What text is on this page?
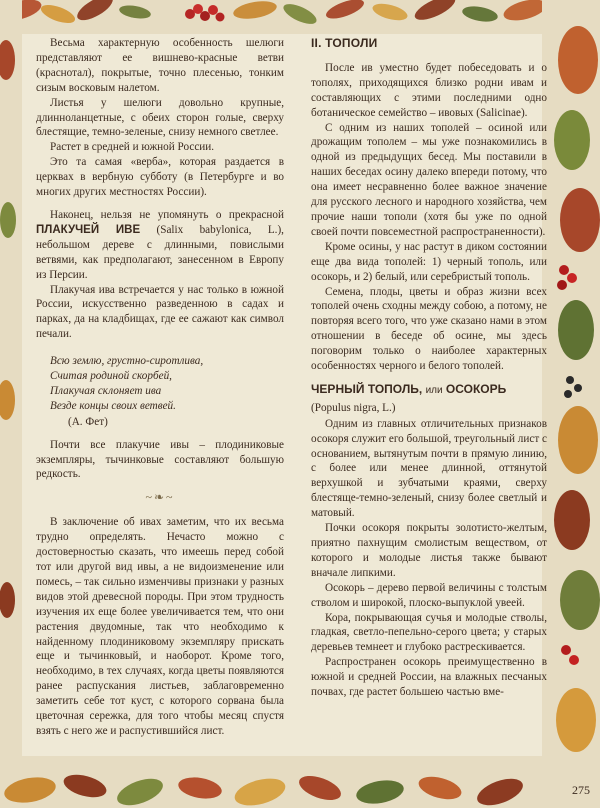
Весьма характерную особенность шелюги представляют ее вишнево-красные ветви (краснотал), покрытые, точно плесенью, тонким сизым восковым налетом.

Листья у шелюги довольно крупные, длинноланцетные, с обеих сторон голые, сверху блестящие, темно-зеленые, снизу немного светлее.

Растет в средней и южной России.

Это та самая «верба», которая раздается в церквах в вербную субботу (в Петербурге и во многих других местностях России).

Наконец, нельзя не упомянуть о прекрасной ПЛАКУЧЕЙ ИВЕ (Salix babylonica, L.), небольшом дереве с длинными, повислыми ветвями, как предполагают, занесенном в Европу из Персии.

Плакучая ива встречается у нас только в южной России, искусственно разведенною в садах и парках, да на кладбищах, где ее сажают как символ печали.

Всю землю, грустно-сиротлива,
Считая родиной скорбей,
Плакучая склоняет ива
Везде концы своих ветвей.
(А. Фет)

Почти все плакучие ивы – плодиниковые экземпляры, тычинковые составляют большую редкость.

~❧~

В заключение об ивах заметим, что их весьма трудно определять. Нечасто можно с достоверностью сказать, что имеешь перед собой тот или другой вид ивы, а не видоизменение или помесь, – так сильно изменчивы признаки у разных видов этой древесной породы. При этом трудность изучения их еще более увеличивается тем, что они растения двудомные, так что необходимо к найденному плодиниковому экземпляру прискать еще и тычинковый, и наоборот. Кроме того, необходимо, в тех случаях, когда цветы появляются ранее распускания листьев, заблаговременно заметить себе тот куст, с которого сорвана была цветочная сережка, для того чтобы месяц спустя взять с него же и распустившийся лист.

II. ТОПОЛИ

После ив уместно будет побеседовать и о тополях, приходящихся близко родни ивам и составляющих с этими последними одно ботаническое семейство – ивовых (Salicinae).

С одним из наших тополей – осиной или дрожащим тополем – мы уже познакомились в одной из предыдущих бесед. Мы поставили в наших беседах осину далеко впереди потому, что она имеет несравненно более важное значение для русского лесного и народного хозяйства, чем прочие наши тополи (хотя бы уже по одной своей почти повсеместной распространенности).

Кроме осины, у нас растут в диком состоянии еще два вида тополей: 1) черный тополь, или осокорь, и 2) белый, или серебристый тополь.

Семена, плоды, цветы и образ жизни всех тополей очень сходны между собою, а потому, не повторяя всего того, что уже сказано нами в этом отношении в беседе об осине, мы здесь поговорим только о наиболее характерных особенностях черного и белого тополей.

ЧЕРНЫЙ ТОПОЛЬ, или ОСОКОРЬ
(Populus nigra, L.)

Одним из главных отличительных признаков осокоря служит его большой, треугольный лист с основанием, вытянутым почти в прямую линию, с более или менее длинной, оттянутой верхушкой и зубчатыми краями, сверху блестяще-темно-зеленый, снизу более светлый и матовый.

Почки осокоря покрыты золотисто-желтым, приятно пахнущим смолистым веществом, от которого и молодые листья также бывают вначале липкими.

Осокорь – дерево первой величины с толстым стволом и широкой, плоско-выпуклой увеей.

Кора, покрывающая сучья и молодые стволы, гладкая, светло-пепельно-серого цвета; у старых деревьев темнеет и глубоко растрескивается.

Распространен осокорь преимущественно в южной и средней России, на влажных песчаных почвах, где растет большею частью вме-

275
